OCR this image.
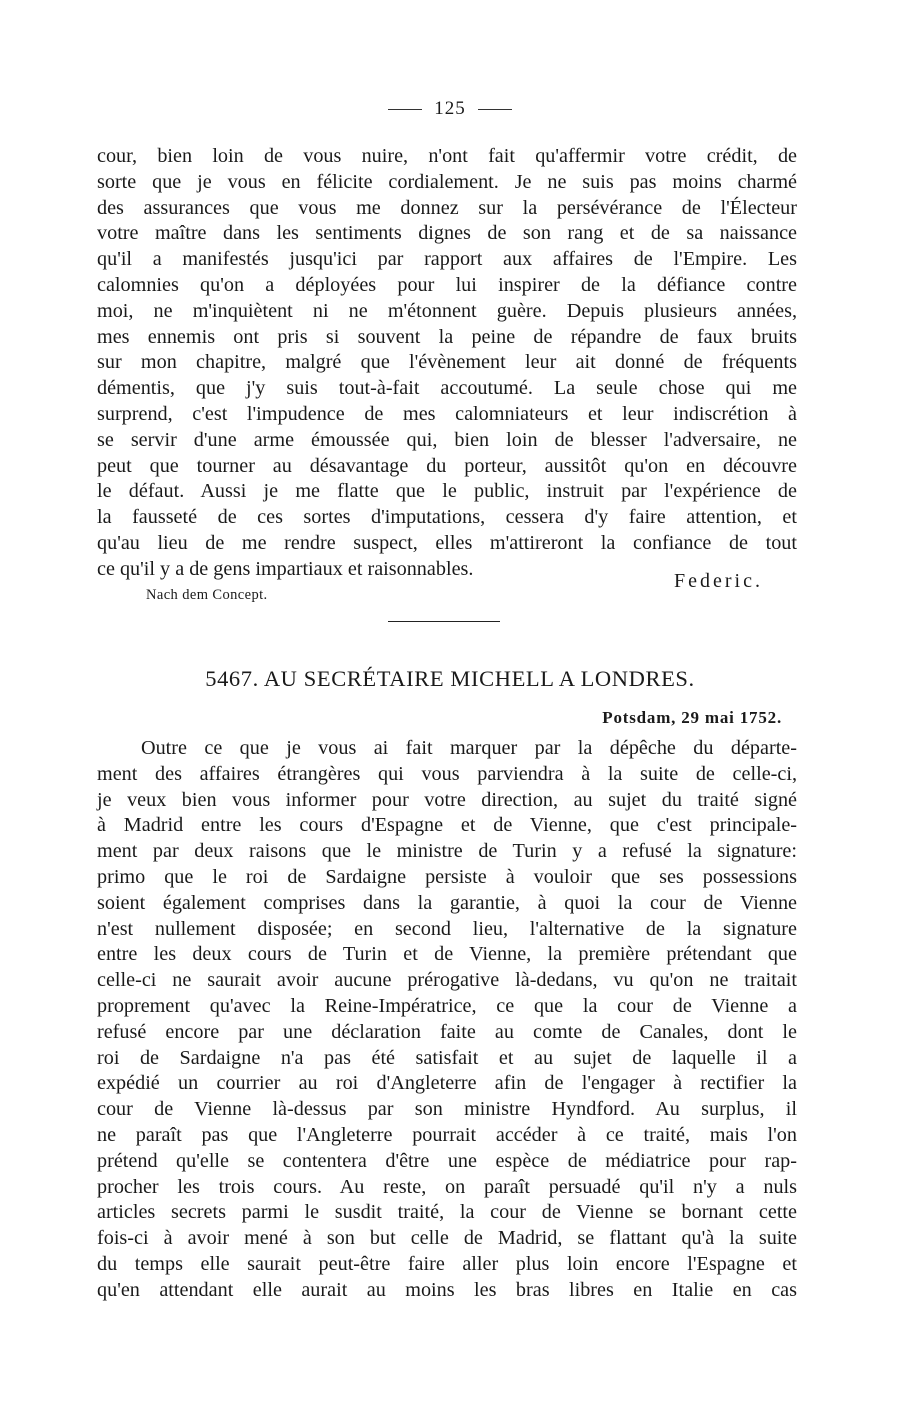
125
cour, bien loin de vous nuire, n'ont fait qu'affermir votre crédit, de
sorte que je vous en félicite cordialement. Je ne suis pas moins charmé
des assurances que vous me donnez sur la persévérance de l'Électeur
votre maître dans les sentiments dignes de son rang et de sa naissance
qu'il a manifestés jusqu'ici par rapport aux affaires de l'Empire. Les
calomnies qu'on a déployées pour lui inspirer de la défiance contre
moi, ne m'inquiètent ni ne m'étonnent guère. Depuis plusieurs années,
mes ennemis ont pris si souvent la peine de répandre de faux bruits
sur mon chapitre, malgré que l'évènement leur ait donné de fréquents
démentis, que j'y suis tout-à-fait accoutumé. La seule chose qui me
surprend, c'est l'impudence de mes calomniateurs et leur indiscrétion à
se servir d'une arme émoussée qui, bien loin de blesser l'adversaire, ne
peut que tourner au désavantage du porteur, aussitôt qu'on en découvre
le défaut. Aussi je me flatte que le public, instruit par l'expérience de
la fausseté de ces sortes d'imputations, cessera d'y faire attention, et
qu'au lieu de me rendre suspect, elles m'attireront la confiance de tout
ce qu'il y a de gens impartiaux et raisonnables.
Federic.
Nach dem Concept.
5467. AU SECRÉTAIRE MICHELL A LONDRES.
Potsdam, 29 mai 1752.
Outre ce que je vous ai fait marquer par la dépêche du départe-
ment des affaires étrangères qui vous parviendra à la suite de celle-ci,
je veux bien vous informer pour votre direction, au sujet du traité signé
à Madrid entre les cours d'Espagne et de Vienne, que c'est principale-
ment par deux raisons que le ministre de Turin y a refusé la signature:
primo que le roi de Sardaigne persiste à vouloir que ses possessions
soient également comprises dans la garantie, à quoi la cour de Vienne
n'est nullement disposée; en second lieu, l'alternative de la signature
entre les deux cours de Turin et de Vienne, la première prétendant que
celle-ci ne saurait avoir aucune prérogative là-dedans, vu qu'on ne traitait
proprement qu'avec la Reine-Impératrice, ce que la cour de Vienne a
refusé encore par une déclaration faite au comte de Canales, dont le
roi de Sardaigne n'a pas été satisfait et au sujet de laquelle il a
expédié un courrier au roi d'Angleterre afin de l'engager à rectifier la
cour de Vienne là-dessus par son ministre Hyndford. Au surplus, il
ne paraît pas que l'Angleterre pourrait accéder à ce traité, mais l'on
prétend qu'elle se contentera d'être une espèce de médiatrice pour rap-
procher les trois cours. Au reste, on paraît persuadé qu'il n'y a nuls
articles secrets parmi le susdit traité, la cour de Vienne se bornant cette
fois-ci à avoir mené à son but celle de Madrid, se flattant qu'à la suite
du temps elle saurait peut-être faire aller plus loin encore l'Espagne et
qu'en attendant elle aurait au moins les bras libres en Italie en cas
